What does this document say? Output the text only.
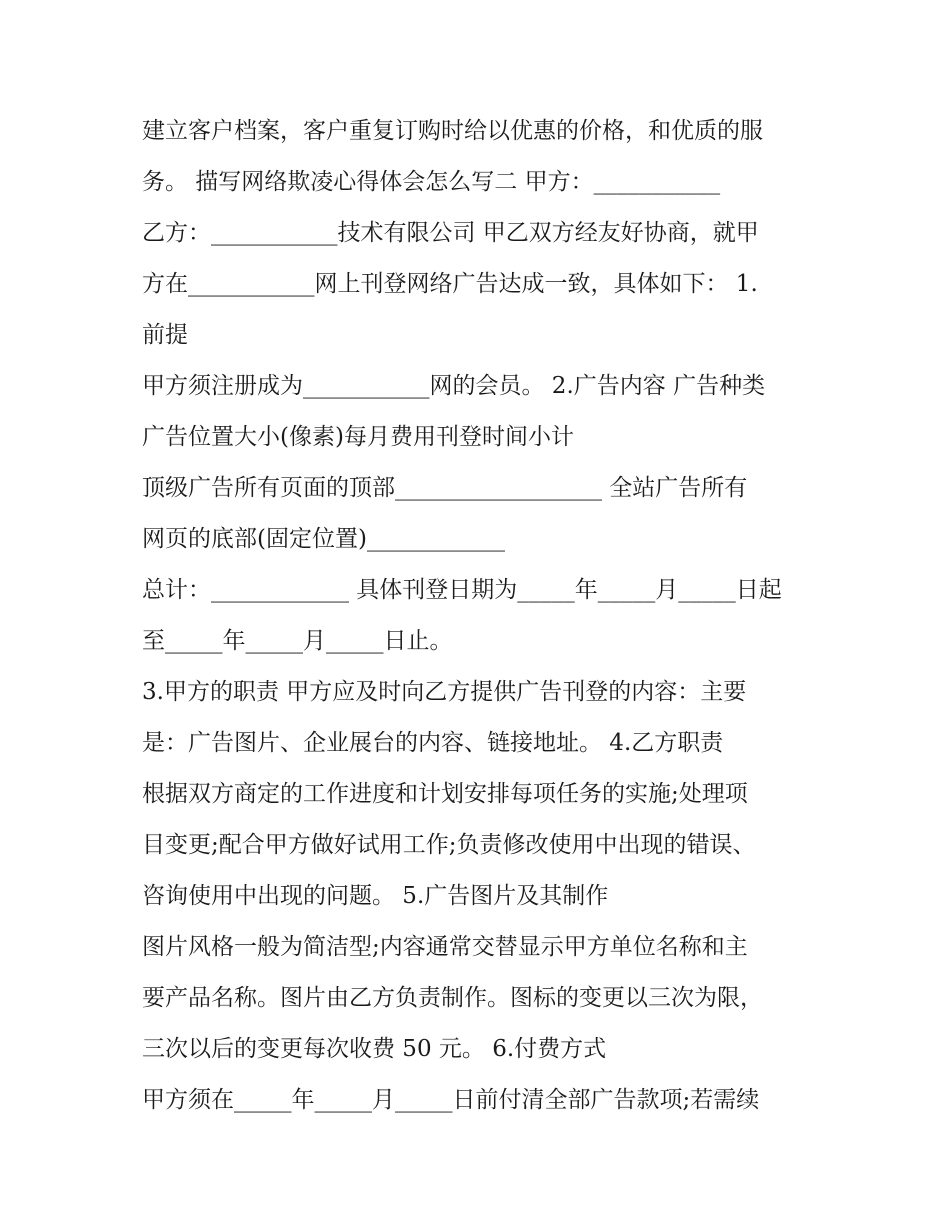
建立客户档案，客户重复订购时给以优惠的价格，和优质的服
务。 描写网络欺凌心得体会怎么写二 甲方：___________
乙方：___________技术有限公司 甲乙双方经友好协商，就甲
方在___________网上刊登网络广告达成一致，具体如下： 1.
前提
甲方须注册成为___________网的会员。 2.广告内容 广告种类
广告位置大小(像素)每月费用刊登时间小计
顶级广告所有页面的顶部__________________ 全站广告所有
网页的底部(固定位置)____________
总计：____________ 具体刊登日期为_____年_____月_____日起
至_____年_____月_____日止。
3.甲方的职责 甲方应及时向乙方提供广告刊登的内容：主要
是：广告图片、企业展台的内容、链接地址。 4.乙方职责
根据双方商定的工作进度和计划安排每项任务的实施;处理项
目变更;配合甲方做好试用工作;负责修改使用中出现的错误、
咨询使用中出现的问题。 5.广告图片及其制作
图片风格一般为简洁型;内容通常交替显示甲方单位名称和主
要产品名称。图片由乙方负责制作。图标的变更以三次为限，
三次以后的变更每次收费 50 元。 6.付费方式
甲方须在_____年_____月_____日前付清全部广告款项;若需续
